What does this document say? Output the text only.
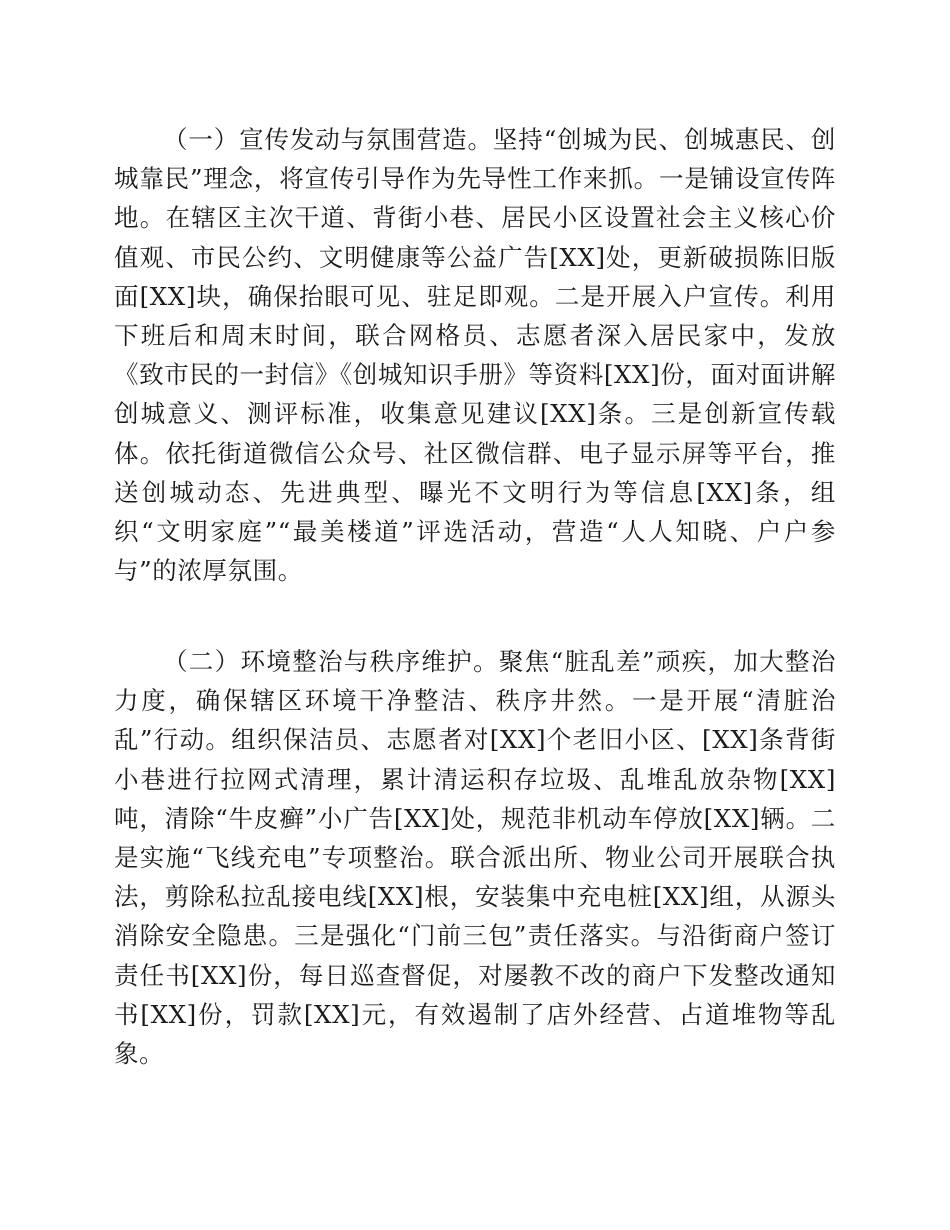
（一）宣传发动与氛围营造。坚持“创城为民、创城惠民、创城靠民”理念，将宣传引导作为先导性工作来抓。一是铺设宣传阵地。在辖区主次干道、背街小巷、居民小区设置社会主义核心价值观、市民公约、文明健康等公益广告[XX]处，更新破损陈旧版面[XX]块，确保抬眼可见、驻足即观。二是开展入户宣传。利用下班后和周末时间，联合网格员、志愿者深入居民家中，发放《致市民的一封信》《创城知识手册》等资料[XX]份，面对面讲解创城意义、测评标准，收集意见建议[XX]条。三是创新宣传载体。依托街道微信公众号、社区微信群、电子显示屏等平台，推送创城动态、先进典型、曝光不文明行为等信息[XX]条，组织“文明家庭”“最美楼道”评选活动，营造“人人知晓、户户参与”的浓厚氛围。

（二）环境整治与秩序维护。聚焦“脏乱差”顽疾，加大整治力度，确保辖区环境干净整洁、秩序井然。一是开展“清脏治乱”行动。组织保洁员、志愿者对[XX]个老旧小区、[XX]条背街小巷进行拉网式清理，累计清运积存垃圾、乱堆乱放杂物[XX]吨，清除“牛皮癣”小广告[XX]处，规范非机动车停放[XX]辆。二是实施“飞线充电”专项整治。联合派出所、物业公司开展联合执法，剪除私拉乱接电线[XX]根，安装集中充电桩[XX]组，从源头消除安全隐患。三是强化“门前三包”责任落实。与沿街商户签订责任书[XX]份，每日巡查督促，对屡教不改的商户下发整改通知书[XX]份，罚款[XX]元，有效遏制了店外经营、占道堆物等乱象。
